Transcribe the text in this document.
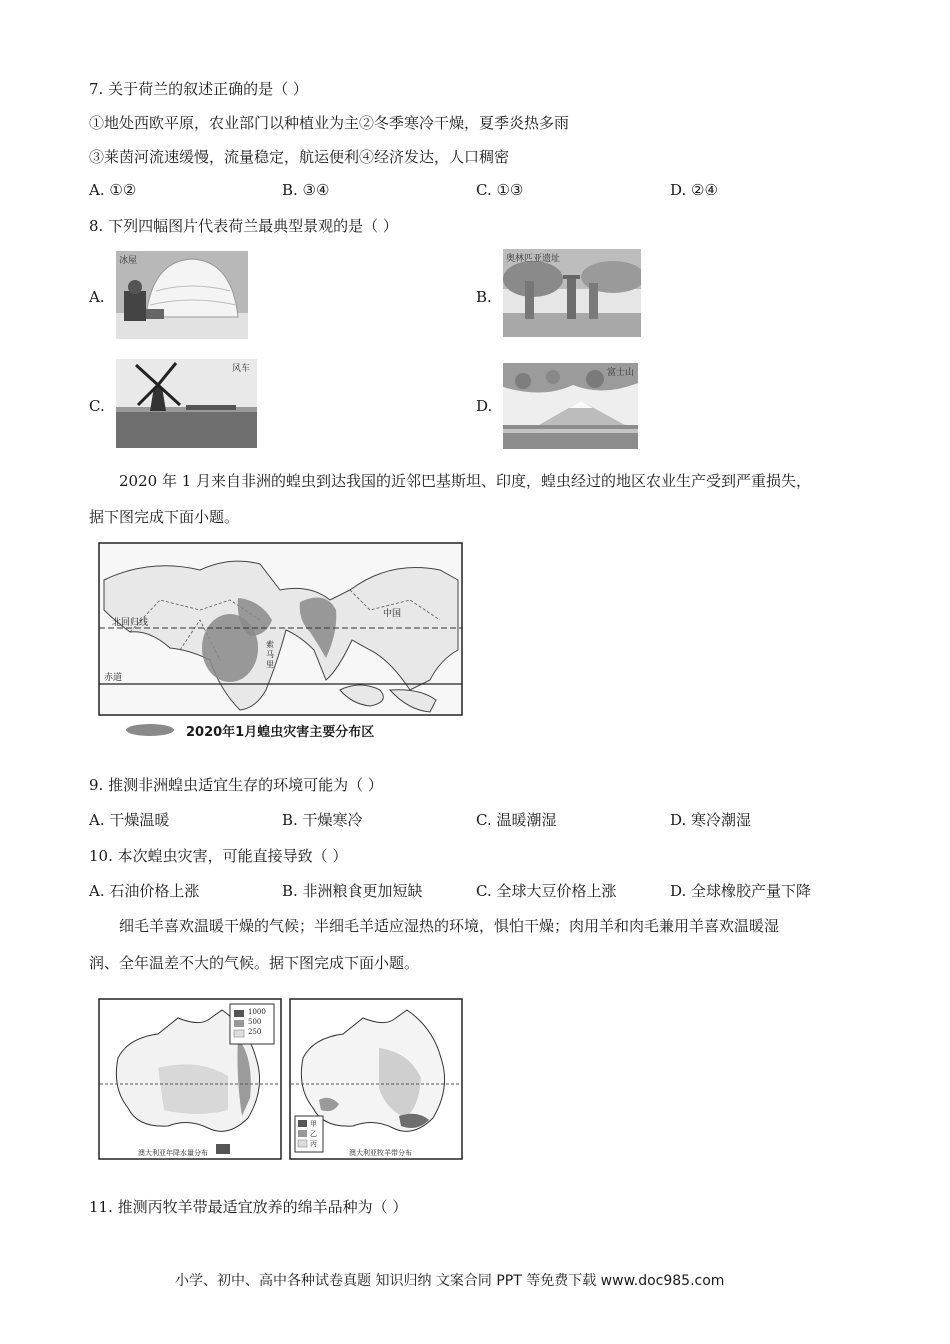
7. 关于荷兰的叙述正确的是（ ）
①地处西欧平原，农业部门以种植业为主②冬季寒冷干燥，夏季炎热多雨
③莱茵河流速缓慢，流量稳定，航运便利④经济发达，人口稠密
A. ①②	B. ③④	C. ①③	D. ②④
8. 下列四幅图片代表荷兰最典型景观的是（ ）
A.	B.
C.	D.
冰屋	奥林匹亚遗址
风车	富士山
2020 年 1 月来自非洲的蝗虫到达我国的近邻巴基斯坦、印度，蝗虫经过的地区农业生产受到严重损失，
据下图完成下面小题。
中国
北回归线
赤道
索马里
2020年1月蝗虫灾害主要分布区
9. 推测非洲蝗虫适宜生存的环境可能为（ ）
A. 干燥温暖	B. 干燥寒冷	C. 温暖潮湿	D. 寒冷潮湿
10. 本次蝗虫灾害，可能直接导致（ ）
A. 石油价格上涨	B. 非洲粮食更加短缺	C. 全球大豆价格上涨	D. 全球橡胶产量下降
细毛羊喜欢温暖干燥的气候；半细毛羊适应湿热的环境，惧怕干燥；肉用羊和肉毛兼用羊喜欢温暖湿
润、全年温差不大的气候。据下图完成下面小题。
1000
500
250
澳大利亚年降水量分布
甲
乙
丙
澳大利亚牧羊带分布
11. 推测丙牧羊带最适宜放养的绵羊品种为（ ）
小学、初中、高中各种试卷真题 知识归纳 文案合同 PPT 等免费下载 www.doc985.com
